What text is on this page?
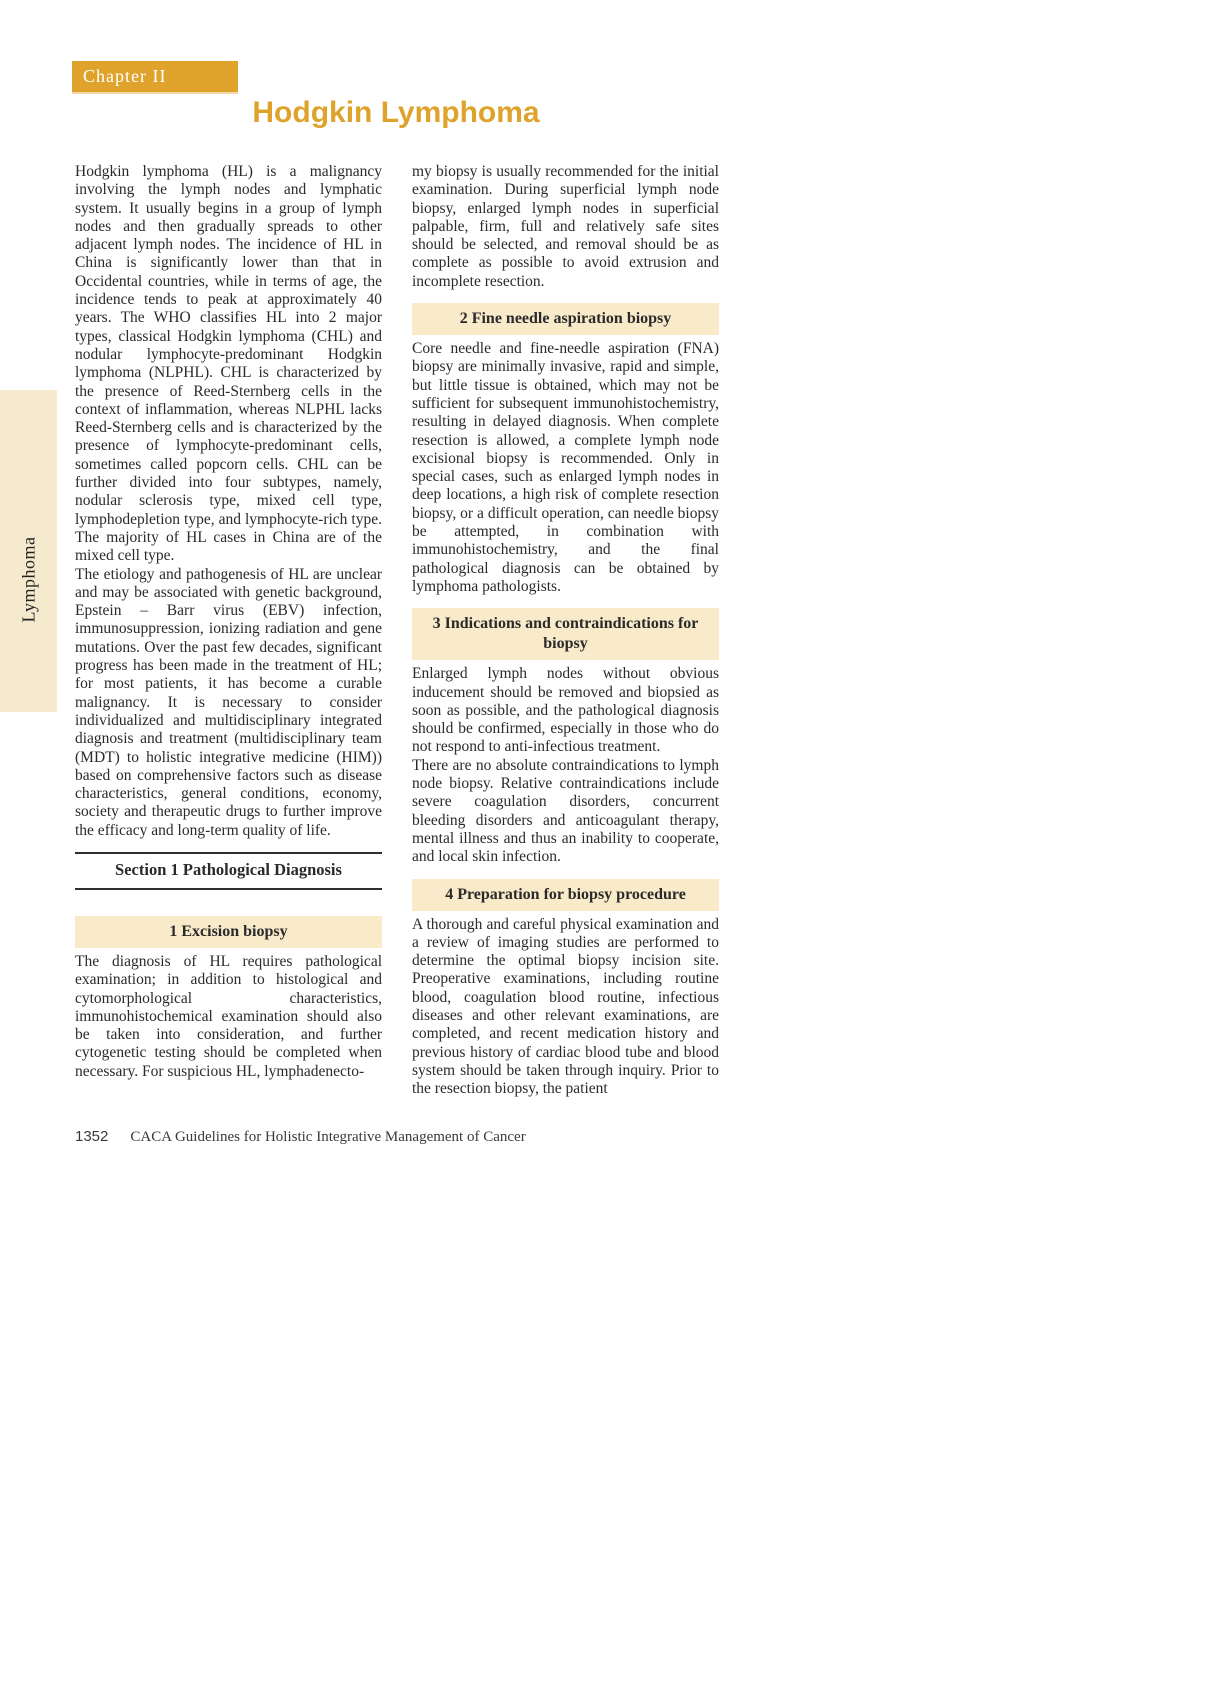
Chapter II
Hodgkin Lymphoma
Lymphoma

Hodgkin lymphoma (HL) is a malignancy involving the lymph nodes and lymphatic system. It usually begins in a group of lymph nodes and then gradually spreads to other adjacent lymph nodes. The incidence of HL in China is significantly lower than that in Occidental countries, while in terms of age, the incidence tends to peak at approximately 40 years. The WHO classifies HL into 2 major types, classical Hodgkin lymphoma (CHL) and nodular lymphocyte-predominant Hodgkin lymphoma (NLPHL). CHL is characterized by the presence of Reed-Sternberg cells in the context of inflammation, whereas NLPHL lacks Reed-Sternberg cells and is characterized by the presence of lymphocyte-predominant cells, sometimes called popcorn cells. CHL can be further divided into four subtypes, namely, nodular sclerosis type, mixed cell type, lymphodepletion type, and lymphocyte-rich type. The majority of HL cases in China are of the mixed cell type.

The etiology and pathogenesis of HL are unclear and may be associated with genetic background, Epstein – Barr virus (EBV) infection, immunosuppression, ionizing radiation and gene mutations. Over the past few decades, significant progress has been made in the treatment of HL; for most patients, it has become a curable malignancy. It is necessary to consider individualized and multidisciplinary integrated diagnosis and treatment (multidisciplinary team (MDT) to holistic integrative medicine (HIM)) based on comprehensive factors such as disease characteristics, general conditions, economy, society and therapeutic drugs to further improve the efficacy and long-term quality of life.

Section 1 Pathological Diagnosis
1 Excision biopsy

The diagnosis of HL requires pathological examination; in addition to histological and cytomorphological characteristics, immunohistochemical examination should also be taken into consideration, and further cytogenetic testing should be completed when necessary. For suspicious HL, lymphadenecto-

my biopsy is usually recommended for the initial examination. During superficial lymph node biopsy, enlarged lymph nodes in superficial palpable, firm, full and relatively safe sites should be selected, and removal should be as complete as possible to avoid extrusion and incomplete resection.

2 Fine needle aspiration biopsy

Core needle and fine-needle aspiration (FNA) biopsy are minimally invasive, rapid and simple, but little tissue is obtained, which may not be sufficient for subsequent immunohistochemistry, resulting in delayed diagnosis. When complete resection is allowed, a complete lymph node excisional biopsy is recommended. Only in special cases, such as enlarged lymph nodes in deep locations, a high risk of complete resection biopsy, or a difficult operation, can needle biopsy be attempted, in combination with immunohistochemistry, and the final pathological diagnosis can be obtained by lymphoma pathologists.

3 Indications and contraindications for biopsy

Enlarged lymph nodes without obvious inducement should be removed and biopsied as soon as possible, and the pathological diagnosis should be confirmed, especially in those who do not respond to anti-infectious treatment.

There are no absolute contraindications to lymph node biopsy. Relative contraindications include severe coagulation disorders, concurrent bleeding disorders and anticoagulant therapy, mental illness and thus an inability to cooperate, and local skin infection.

4 Preparation for biopsy procedure

A thorough and careful physical examination and a review of imaging studies are performed to determine the optimal biopsy incision site. Preoperative examinations, including routine blood, coagulation blood routine, infectious diseases and other relevant examinations, are completed, and recent medication history and previous history of cardiac blood tube and blood system should be taken through inquiry. Prior to the resection biopsy, the patient

1352 CACA Guidelines for Holistic Integrative Management of Cancer
